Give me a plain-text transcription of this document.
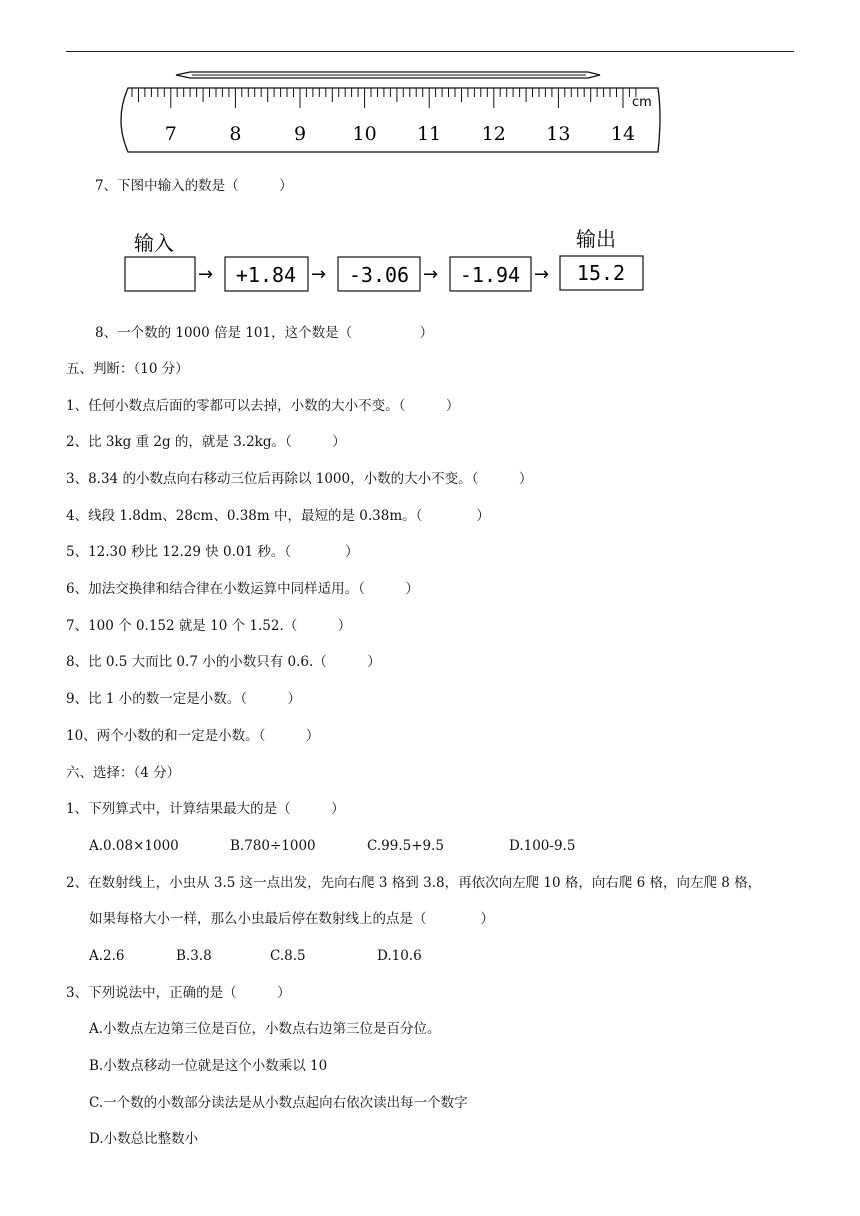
7	8	9 10 11 12 13 14
cm
输入	输出
→ +1.84 → -3.06 → -1.94 → 15.2
7、下图中输入的数是（　　　）
8、一个数的 1000 倍是 101，这个数是（　　　　　）
五、判断：（10 分）
1、任何小数点后面的零都可以去掉，小数的大小不变。（　　　）
2、比 3kg 重 2g 的，就是 3.2kg。（　　　）
3、8.34 的小数点向右移动三位后再除以 1000，小数的大小不变。（　　　）
4、线段 1.8dm、28cm、0.38m 中，最短的是 0.38m。（　　　　）
5、12.30 秒比 12.29 快 0.01 秒。（　　　　）
6、加法交换律和结合律在小数运算中同样适用。（　　　）
7、100 个 0.152 就是 10 个 1.52.（　　　）
8、比 0.5 大而比 0.7 小的小数只有 0.6.（　　　）
9、比 1 小的数一定是小数。（　　　）
10、两个小数的和一定是小数。（　　　）
六、选择：（4 分）
1、下列算式中，计算结果最大的是（　　　）
A.0.08×1000	B.780÷1000	C.99.5+9.5	D.100-9.5
2、在数射线上，小虫从 3.5 这一点出发，先向右爬 3 格到 3.8，再依次向左爬 10 格，向右爬 6 格，向左爬 8 格，
如果每格大小一样，那么小虫最后停在数射线上的点是（　　　　）
A.2.6	B.3.8	C.8.5	D.10.6
3、下列说法中，正确的是（　　　）
A.小数点左边第三位是百位，小数点右边第三位是百分位。
B.小数点移动一位就是这个小数乘以 10
C.一个数的小数部分读法是从小数点起向右依次读出每一个数字
D.小数总比整数小
